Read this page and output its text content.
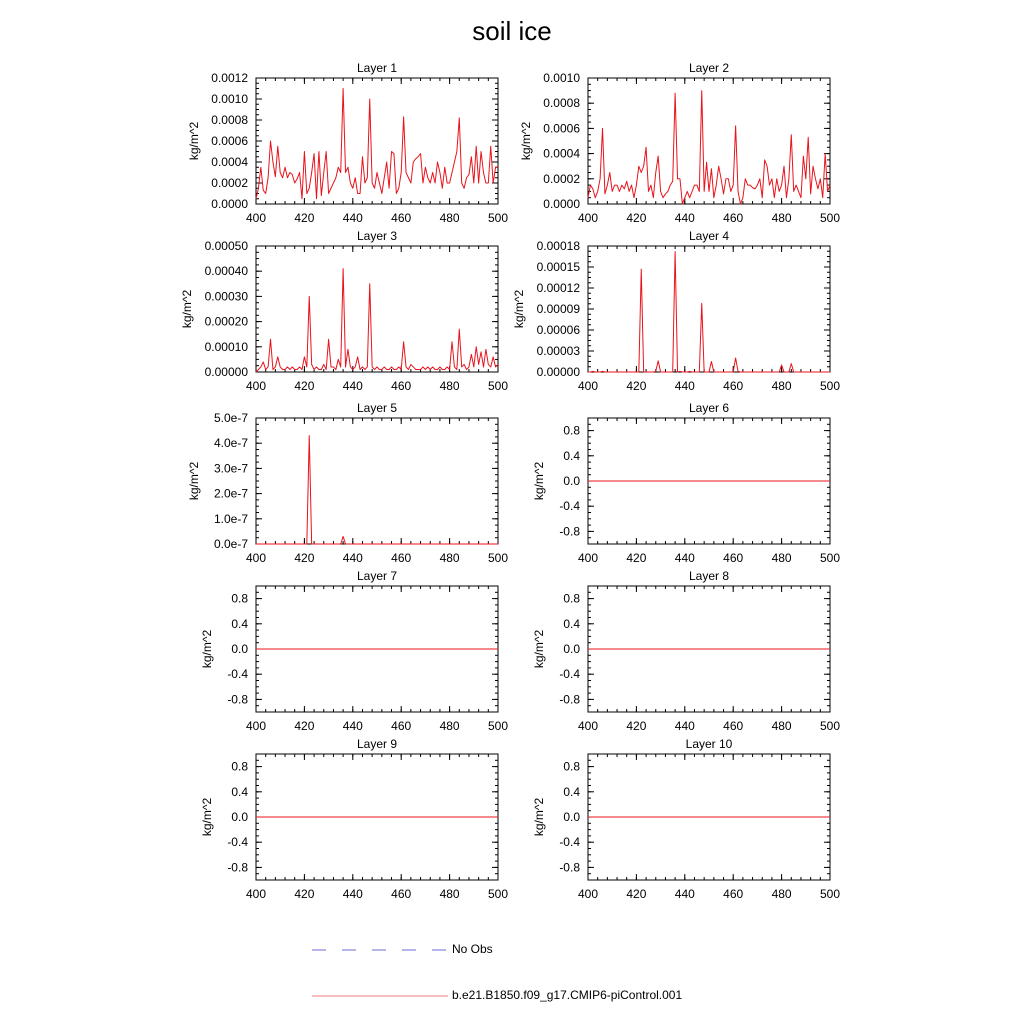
soil ice
Layer 1
400 420 440 460 480 500
0.0000
0.0002
0.0004
0.0006
0.0008
0.0010
0.0012
kg/m^2
Layer 2
400 420 440 460 480 500
0.0000
0.0002
0.0004
0.0006
0.0008
0.0010
kg/m^2
Layer 3
400 420 440 460 480 500
0.00000
0.00010
0.00020
0.00030
0.00040
0.00050
kg/m^2
Layer 4
400 420 440 460 480 500
0.00000
0.00003
0.00006
0.00009
0.00012
0.00015
0.00018
kg/m^2
Layer 5
400 420 440 460 480 500
0.0e-7
1.0e-7
2.0e-7
3.0e-7
4.0e-7
5.0e-7
kg/m^2
Layer 6
400 420 440 460 480 500
-0.8
-0.4
0.0
0.4
0.8
kg/m^2
Layer 7
400 420 440 460 480 500
-0.8
-0.4
0.0
0.4
0.8
kg/m^2
Layer 8
400 420 440 460 480 500
-0.8
-0.4
0.0
0.4
0.8
kg/m^2
Layer 9
400 420 440 460 480 500
-0.8
-0.4
0.0
0.4
0.8
kg/m^2
Layer 10
400 420 440 460 480 500
-0.8
-0.4
0.0
0.4
0.8
kg/m^2
No Obs
b.e21.B1850.f09_g17.CMIP6-piControl.001
